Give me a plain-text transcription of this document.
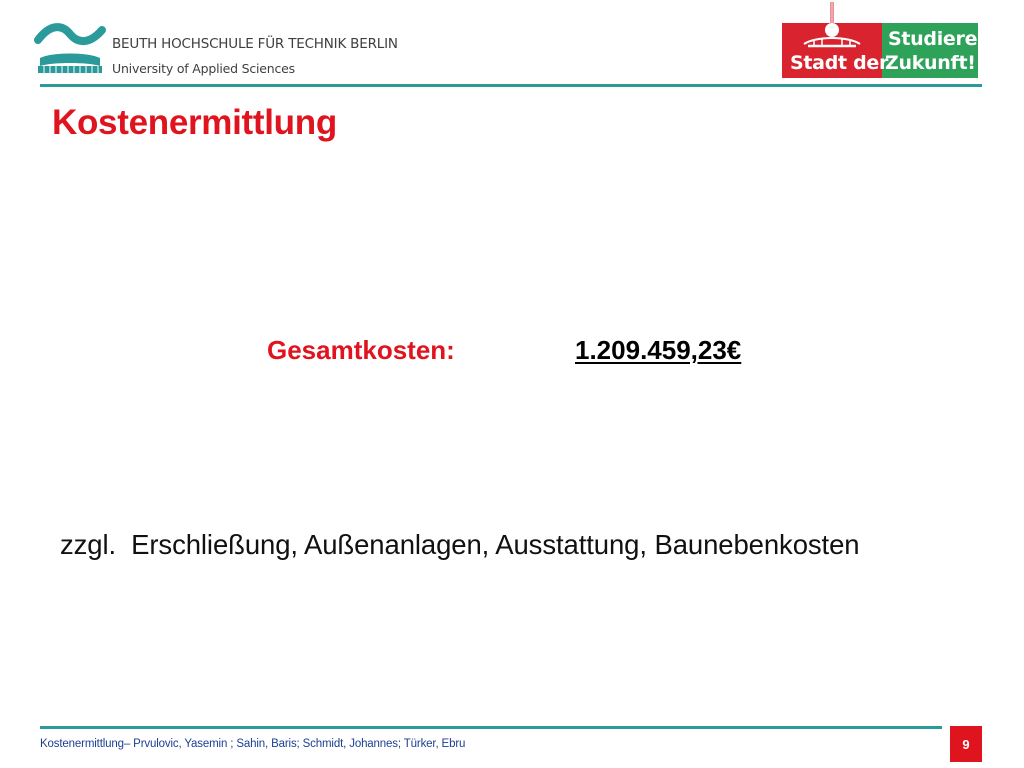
BEUTH HOCHSCHULE FÜR TECHNIK BERLIN
University of Applied Sciences
Studiere
Stadt der
Zukunft!
Kostenermittlung
Gesamtkosten:	1.209.459,23€
zzgl.  Erschließung, Außenanlagen, Ausstattung, Baunebenkosten
Kostenermittlung– Prvulovic, Yasemin ; Sahin, Baris; Schmidt, Johannes; Türker, Ebru	9
